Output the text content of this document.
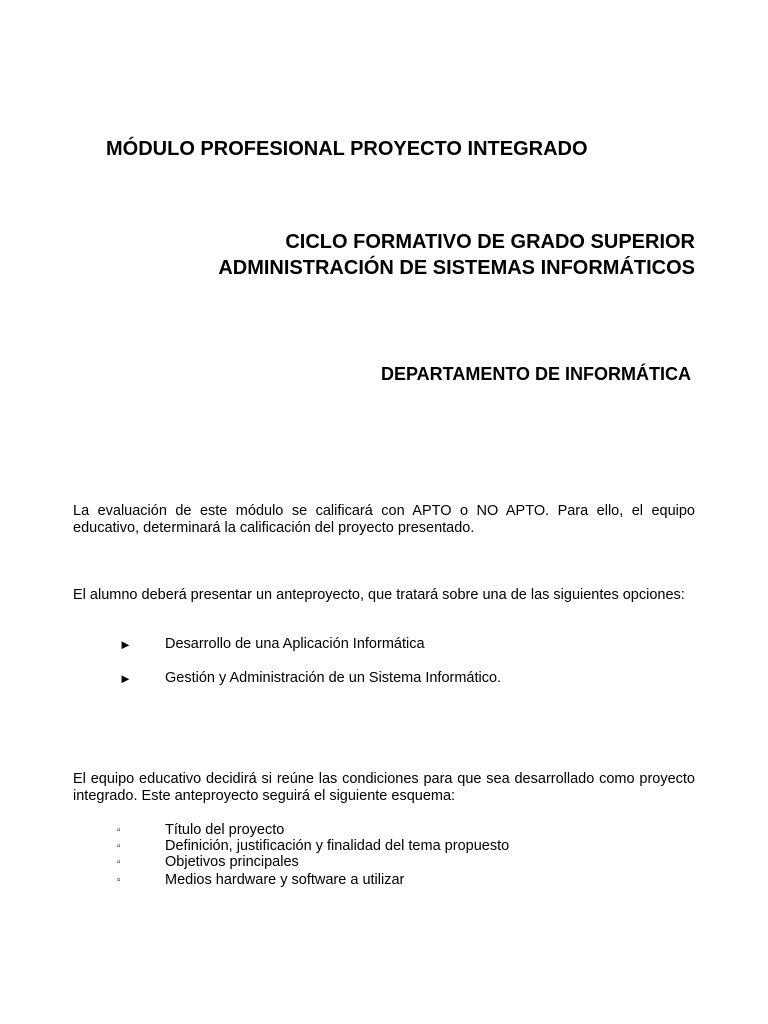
MÓDULO PROFESIONAL PROYECTO INTEGRADO
CICLO FORMATIVO DE GRADO SUPERIOR
ADMINISTRACIÓN DE SISTEMAS INFORMÁTICOS
DEPARTAMENTO DE INFORMÁTICA

La evaluación de este módulo se calificará con APTO o NO APTO. Para ello, el equipo educativo, determinará la calificación del proyecto presentado.

El alumno deberá presentar un anteproyecto, que tratará sobre una de las siguientes opciones:

► Desarrollo de una Aplicación Informática
► Gestión y Administración de un Sistema Informático.

El equipo educativo decidirá si reúne las condiciones para que sea desarrollado como proyecto integrado. Este anteproyecto seguirá el siguiente esquema:

▫	Título del proyecto
▫	Definición, justificación y finalidad del tema propuesto
▫	Objetivos principales
▫	Medios hardware y software a utilizar
